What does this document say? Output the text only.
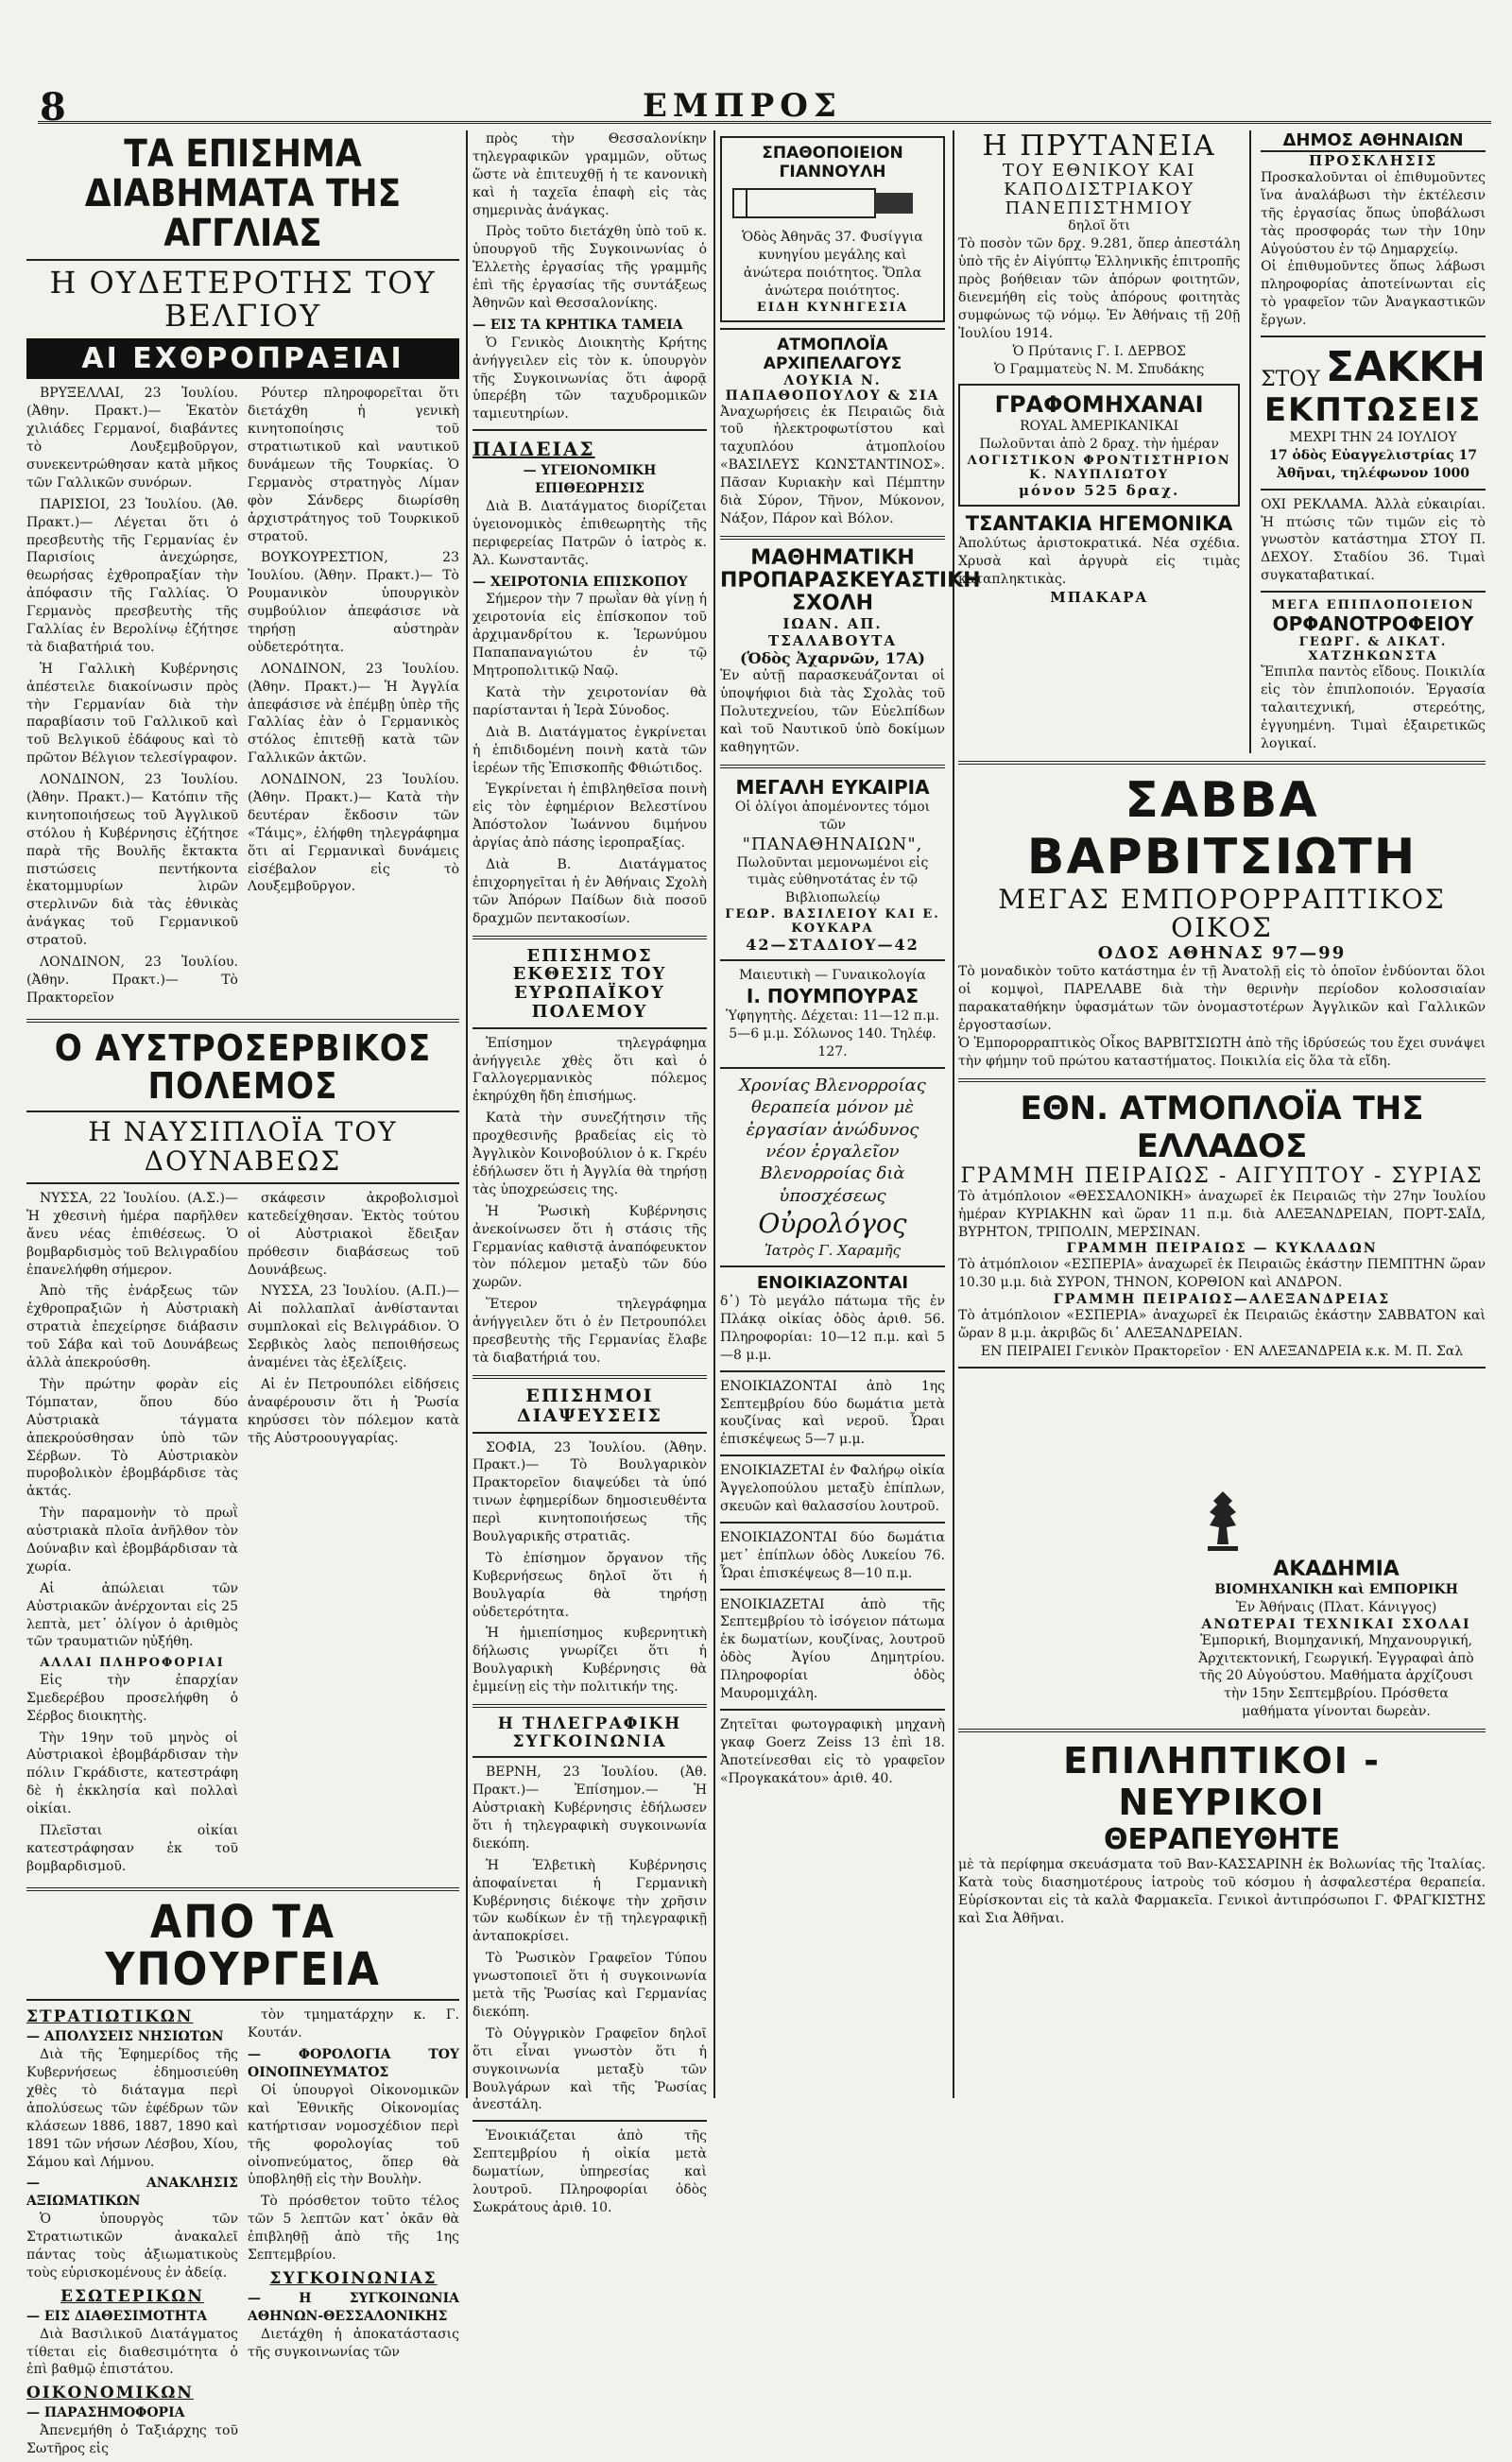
8	ΕΜΠΡΟΣ
ΤΑ ΕΠΙΣΗΜΑ ΔΙΑΒΗΜΑΤΑ ΤΗΣ ΑΓΓΛΙΑΣ
Η ΟΥΔΕΤΕΡΟΤΗΣ ΤΟΥ ΒΕΛΓΙΟΥ
ΑΙ ΕΧΘΡΟΠΡΑΞΙΑΙ

ΒΡΥΞΕΛΛΑΙ, 23 Ἰουλίου. (Ἀθην. Πρακτ.)— Ἐκατὸν χιλιάδες Γερμανοί, διαβάντες τὸ Λουξεμβοῦργον, συνεκεντρώθησαν κατὰ μῆκος τῶν Γαλλικῶν συνόρων.

ΠΑΡΙΣΙΟΙ, 23 Ἰουλίου. (Ἀθ. Πρακτ.)— Λέγεται ὅτι ὁ πρεσβευτὴς τῆς Γερμανίας ἐν Παρισίοις ἀνεχώρησε, θεωρήσας ἐχθροπραξίαν τὴν ἀπόφασιν τῆς Γαλλίας. Ὁ Γερμανὸς πρεσβευτὴς τῆς Γαλλίας ἐν Βερολίνῳ ἐζήτησε τὰ διαβατήριά του.

Ἡ Γαλλικὴ Κυβέρνησις ἀπέστειλε διακοίνωσιν πρὸς τὴν Γερμανίαν διὰ τὴν παραβίασιν τοῦ Γαλλικοῦ καὶ τοῦ Βελγικοῦ ἐδάφους καὶ τὸ πρῶτον Βέλγιον τελεσίγραφον.

ΛΟΝΔΙΝΟΝ, 23 Ἰουλίου. (Ἀθην. Πρακτ.)— Κατόπιν τῆς κινητοποιήσεως τοῦ Ἀγγλικοῦ στόλου ἡ Κυβέρνησις ἐζήτησε παρὰ τῆς Βουλῆς ἔκτακτα πιστώσεις πεντήκοντα ἑκατομμυρίων λιρῶν στερλινῶν διὰ τὰς ἐθνικὰς ἀνάγκας τοῦ Γερμανικοῦ στρατοῦ.

ΛΟΝΔΙΝΟΝ, 23 Ἰουλίου. (Ἀθην. Πρακτ.)— Τὸ Πρακτορεῖον

Ρόυτερ πληροφορεῖται ὅτι διετάχθη ἡ γενικὴ κινητοποίησις τοῦ στρατιωτικοῦ καὶ ναυτικοῦ δυνάμεων τῆς Τουρκίας. Ὁ Γερμανὸς στρατηγὸς Λίμαν φὸν Σάνδερς διωρίσθη ἀρχιστράτηγος τοῦ Τουρκικοῦ στρατοῦ.

ΒΟΥΚΟΥΡΕΣΤΙΟΝ, 23 Ἰουλίου. (Ἀθην. Πρακτ.)— Τὸ Ρουμανικὸν ὑπουργικὸν συμβούλιον ἀπεφάσισε νὰ τηρήσῃ αὐστηρὰν οὐδετερότητα.

ΛΟΝΔΙΝΟΝ, 23 Ἰουλίου. (Ἀθην. Πρακτ.)— Ἡ Ἀγγλία ἀπεφάσισε νὰ ἐπέμβῃ ὑπὲρ τῆς Γαλλίας ἐὰν ὁ Γερμανικὸς στόλος ἐπιτεθῇ κατὰ τῶν Γαλλικῶν ἀκτῶν.

ΛΟΝΔΙΝΟΝ, 23 Ἰουλίου. (Ἀθην. Πρακτ.)— Κατὰ τὴν δευτέραν ἔκδοσιν τῶν «Τάιμς», ἐλήφθη τηλεγράφημα ὅτι αἱ Γερμανικαὶ δυνάμεις εἰσέβαλον εἰς τὸ Λουξεμβοῦργον.

Ο ΑΥΣΤΡΟΣΕΡΒΙΚΟΣ ΠΟΛΕΜΟΣ
Η ΝΑΥΣΙΠΛΟΪΑ ΤΟΥ ΔΟΥΝΑΒΕΩΣ

ΝΥΣΣΑ, 22 Ἰουλίου. (Α.Σ.)— Ἡ χθεσινὴ ἡμέρα παρῆλθεν ἄνευ νέας ἐπιθέσεως. Ὁ βομβαρδισμὸς τοῦ Βελιγραδίου ἐπανελήφθη σήμερον.

Ἀπὸ τῆς ἐνάρξεως τῶν ἐχθροπραξιῶν ἡ Αὐστριακὴ στρατιὰ ἐπεχείρησε διάβασιν τοῦ Σάβα καὶ τοῦ Δουνάβεως ἀλλὰ ἀπεκρούσθη.

Τὴν πρώτην φορὰν εἰς Τόμπαταν, ὅπου δύο Αὐστριακὰ τάγματα ἀπεκρούσθησαν ὑπὸ τῶν Σέρβων. Τὸ Αὐστριακὸν πυροβολικὸν ἐβομβάρδισε τὰς ἀκτάς.

Τὴν παραμονὴν τὸ πρωῒ αὐστριακὰ πλοῖα ἀνῆλθον τὸν Δούναβιν καὶ ἐβομβάρδισαν τὰ χωρία.

Αἱ ἀπώλειαι τῶν Αὐστριακῶν ἀνέρχονται εἰς 25 λεπτὰ, μετ᾽ ὀλίγον ὁ ἀριθμὸς τῶν τραυματιῶν ηὐξήθη.

ΑΛΛΑΙ ΠΛΗΡΟΦΟΡΙΑΙ

Εἰς τὴν ἐπαρχίαν Σμεδερέβου προσελήφθη ὁ Σέρβος διοικητὴς.

Τὴν 19ην τοῦ μηνὸς οἱ Αὐστριακοὶ ἐβομβάρδισαν τὴν πόλιν Γκράδιστε, κατεστράφη δὲ ἡ ἐκκλησία καὶ πολλαὶ οἰκίαι.

Πλεῖσται οἰκίαι κατεστράφησαν ἐκ τοῦ βομβαρδισμοῦ.

σκάφεσιν ἀκροβολισμοὶ κατεδείχθησαν. Ἐκτὸς τούτου οἱ Αὐστριακοὶ ἔδειξαν πρόθεσιν διαβάσεως τοῦ Δουνάβεως.

ΝΥΣΣΑ, 23 Ἰουλίου. (Α.Π.)— Αἱ πολλαπλαῖ ἀνθίστανται συμπλοκαὶ εἰς Βελιγράδιον. Ὁ Σερβικὸς λαὸς πεποιθήσεως ἀναμένει τὰς ἐξελίξεις.

Αἱ ἐν Πετρουπόλει εἰδήσεις ἀναφέρουσιν ὅτι ἡ Ῥωσία κηρύσσει τὸν πόλεμον κατὰ τῆς Αὐστροουγγαρίας.

ΑΠΟ ΤΑ ΥΠΟΥΡΓΕΙΑ
ΣΤΡΑΤΙΩΤΙΚΩΝ
— ΑΠΟΛΥΣΕΙΣ ΝΗΣΙΩΤΩΝ

Διὰ τῆς Ἐφημερίδος τῆς Κυβερνήσεως ἐδημοσιεύθη χθὲς τὸ διάταγμα περὶ ἀπολύσεως τῶν ἐφέδρων τῶν κλάσεων 1886, 1887, 1890 καὶ 1891 τῶν νήσων Λέσβου, Χίου, Σάμου καὶ Λήμνου.

— ΑΝΑΚΛΗΣΙΣ ΑΞΙΩΜΑΤΙΚΩΝ

Ὁ ὑπουργὸς τῶν Στρατιωτικῶν ἀνακαλεῖ πάντας τοὺς ἀξιωματικοὺς τοὺς εὑρισκομένους ἐν ἀδείᾳ.

ΕΣΩΤΕΡΙΚΩΝ
— ΕΙΣ ΔΙΑΘΕΣΙΜΟΤΗΤΑ

Διὰ Βασιλικοῦ Διατάγματος τίθεται εἰς διαθεσιμότητα ὁ ἐπὶ βαθμῷ ἐπιστάτου.

ΟΙΚΟΝΟΜΙΚΩΝ
— ΠΑΡΑΣΗΜΟΦΟΡΙΑ

Ἀπενεμήθη ὁ Ταξιάρχης τοῦ Σωτῆρος εἰς

τὸν τμηματάρχην κ. Γ. Κουτάν.

— ΦΟΡΟΛΟΓΙΑ ΤΟΥ ΟΙΝΟΠΝΕΥΜΑΤΟΣ

Οἱ ὑπουργοὶ Οἰκονομικῶν καὶ Ἐθνικῆς Οἰκονομίας κατήρτισαν νομοσχέδιον περὶ τῆς φορολογίας τοῦ οἰνοπνεύματος, ὅπερ θὰ ὑποβληθῇ εἰς τὴν Βουλὴν.

Τὸ πρόσθετον τοῦτο τέλος τῶν 5 λεπτῶν κατ᾽ ὀκᾶν θὰ ἐπιβληθῇ ἀπὸ τῆς 1ης Σεπτεμβρίου.

ΣΥΓΚΟΙΝΩΝΙΑΣ
— Η ΣΥΓΚΟΙΝΩΝΙΑ ΑΘΗΝΩΝ-ΘΕΣΣΑΛΟΝΙΚΗΣ

Διετάχθη ἡ ἀποκατάστασις τῆς συγκοινωνίας τῶν

πρὸς τὴν Θεσσαλονίκην τηλεγραφικῶν γραμμῶν, οὕτως ὥστε νὰ ἐπιτευχθῇ ἡ τε κανονικὴ καὶ ἡ ταχεῖα ἐπαφὴ εἰς τὰς σημερινὰς ἀνάγκας.

Πρὸς τοῦτο διετάχθη ὑπὸ τοῦ κ. ὑπουργοῦ τῆς Συγκοινωνίας ὁ Ἐλλετὴς ἐργασίας τῆς γραμμῆς ἐπὶ τῆς ἐργασίας τῆς συντάξεως Ἀθηνῶν καὶ Θεσσαλονίκης.

— ΕΙΣ ΤΑ ΚΡΗΤΙΚΑ ΤΑΜΕΙΑ

Ὁ Γενικὸς Διοικητὴς Κρήτης ἀνήγγειλεν εἰς τὸν κ. ὑπουργὸν τῆς Συγκοινωνίας ὅτι ἀφορᾷ ὑπερέβη τῶν ταχυδρομικῶν ταμιευτηρίων.

ΠΑΙΔΕΙΑΣ
— ΥΓΕΙΟΝΟΜΙΚΗ ΕΠΙΘΕΩΡΗΣΙΣ

Διὰ Β. Διατάγματος διορίζεται ὑγειονομικὸς ἐπιθεωρητὴς τῆς περιφερείας Πατρῶν ὁ ἰατρὸς κ. Ἀλ. Κωνσταντᾶς.

— ΧΕΙΡΟΤΟΝΙΑ ΕΠΙΣΚΟΠΟΥ

Σήμερον τὴν 7 πρωῒαν θὰ γίνῃ ἡ χειροτονία εἰς ἐπίσκοπον τοῦ ἀρχιμανδρίτου κ. Ἱερωνύμου Παπαπαναγιώτου ἐν τῷ Μητροπολιτικῷ Ναῷ.

Κατὰ τὴν χειροτονίαν θὰ παρίστανται ἡ Ἱερὰ Σύνοδος.

Διὰ Β. Διατάγματος ἐγκρίνεται ἡ ἐπιδιδομένη ποινὴ κατὰ τῶν ἱερέων τῆς Ἐπισκοπῆς Φθιώτιδος.

Ἐγκρίνεται ἡ ἐπιβληθεῖσα ποινὴ εἰς τὸν ἐφημέριον Βελεστίνου Ἀπόστολον Ἰωάννου διμήνου ἀργίας ἀπὸ πάσης ἱεροπραξίας.

Διὰ Β. Διατάγματος ἐπιχορηγεῖται ἡ ἐν Ἀθήναις Σχολὴ τῶν Ἀπόρων Παίδων διὰ ποσοῦ δραχμῶν πεντακοσίων.

ΕΠΙΣΗΜΟΣ ΕΚΘΕΣΙΣ ΤΟΥ ΕΥΡΩΠΑΪΚΟΥ ΠΟΛΕΜΟΥ

Ἐπίσημον τηλεγράφημα ἀνήγγειλε χθὲς ὅτι καὶ ὁ Γαλλογερμανικὸς πόλεμος ἐκηρύχθη ἤδη ἐπισήμως.

Κατὰ τὴν συνεζήτησιν τῆς προχθεσινῆς βραδείας εἰς τὸ Ἀγγλικὸν Κοινοβούλιον ὁ κ. Γκρέυ ἐδήλωσεν ὅτι ἡ Ἀγγλία θὰ τηρήσῃ τὰς ὑποχρεώσεις της.

Ἡ Ῥωσικὴ Κυβέρνησις ἀνεκοίνωσεν ὅτι ἡ στάσις τῆς Γερμανίας καθιστᾷ ἀναπόφευκτον τὸν πόλεμον μεταξὺ τῶν δύο χωρῶν.

Ἕτερον τηλεγράφημα ἀνήγγειλεν ὅτι ὁ ἐν Πετρουπόλει πρεσβευτὴς τῆς Γερμανίας ἔλαβε τὰ διαβατήριά του.

ΕΠΙΣΗΜΟΙ ΔΙΑΨΕΥΣΕΙΣ

ΣΟΦΙΑ, 23 Ἰουλίου. (Ἀθην. Πρακτ.)— Τὸ Βουλγαρικὸν Πρακτορεῖον διαψεύδει τὰ ὑπό τινων ἐφημερίδων δημοσιευθέντα περὶ κινητοποιήσεως τῆς Βουλγαρικῆς στρατιᾶς.

Τὸ ἐπίσημον ὄργανον τῆς Κυβερνήσεως δηλοῖ ὅτι ἡ Βουλγαρία θὰ τηρήσῃ οὐδετερότητα.

Ἡ ἡμιεπίσημος κυβερνητικὴ δήλωσις γνωρίζει ὅτι ἡ Βουλγαρικὴ Κυβέρνησις θὰ ἐμμείνῃ εἰς τὴν πολιτικήν της.

Η ΤΗΛΕΓΡΑΦΙΚΗ ΣΥΓΚΟΙΝΩΝΙΑ

ΒΕΡΝΗ, 23 Ἰουλίου. (Ἀθ. Πρακτ.)— Ἐπίσημον.— Ἡ Αὐστριακὴ Κυβέρνησις ἐδήλωσεν ὅτι ἡ τηλεγραφικὴ συγκοινωνία διεκόπη.

Ἡ Ἑλβετικὴ Κυβέρνησις ἀποφαίνεται ἡ Γερμανικὴ Κυβέρνησις διέκοψε τὴν χρῆσιν τῶν κωδίκων ἐν τῇ τηλεγραφικῇ ἀνταποκρίσει.

Τὸ Ῥωσικὸν Γραφεῖον Τύπου γνωστοποιεῖ ὅτι ἡ συγκοινωνία μετὰ τῆς Ῥωσίας καὶ Γερμανίας διεκόπη.

Τὸ Οὐγγρικὸν Γραφεῖον δηλοῖ ὅτι εἶναι γνωστὸν ὅτι ἡ συγκοινωνία μεταξὺ τῶν Βουλγάρων καὶ τῆς Ῥωσίας ἀνεστάλη.

Ἐνοικιάζεται ἀπὸ τῆς Σεπτεμβρίου ἡ οἰκία μετὰ δωματίων, ὑπηρεσίας καὶ λουτροῦ. Πληροφορίαι ὁδὸς Σωκράτους ἀριθ. 10.

ΣΠΑΘΟΠΟΙΕΙΟΝ ΓΙΑΝΝΟΥΛΗ
Ὁδὸς Ἀθηνᾶς 37. Φυσίγγια κυνηγίου μεγάλης καὶ ἀνώτερα ποιότητος. Ὅπλα ἀνώτερα ποιότητος.
ΕΙΔΗ ΚΥΝΗΓΕΣΙΑ
ΑΤΜΟΠΛΟΪΑ ΑΡΧΙΠΕΛΑΓΟΥΣ
ΛΟΥΚΙΑ Ν. ΠΑΠΑΘΟΠΟΥΛΟΥ & ΣΙΑ
Ἀναχωρήσεις ἐκ Πειραιῶς διὰ τοῦ ἠλεκτροφωτίστου καὶ ταχυπλόου ἀτμοπλοίου «ΒΑΣΙΛΕΥΣ ΚΩΝΣΤΑΝΤΙΝΟΣ». Πᾶσαν Κυριακὴν καὶ Πέμπτην διὰ Σύρον, Τῆνον, Μύκονον, Νάξον, Πάρον καὶ Βόλον.
ΜΑΘΗΜΑΤΙΚΗ ΠΡΟΠΑΡΑΣΚΕΥΑΣΤΙΚΗ ΣΧΟΛΗ
ΙΩΑΝ. ΑΠ. ΤΣΑΛΑΒΟΥΤΑ
(Ὁδὸς Ἀχαρνῶν, 17Α)
Ἐν αὐτῇ παρασκευάζονται οἱ ὑποψήφιοι διὰ τὰς Σχολὰς τοῦ Πολυτεχνείου, τῶν Εὐελπίδων καὶ τοῦ Ναυτικοῦ ὑπὸ δοκίμων καθηγητῶν.
ΜΕΓΑΛΗ ΕΥΚΑΙΡΙΑ
Οἱ ὀλίγοι ἀπομένοντες τόμοι τῶν
"ΠΑΝΑΘΗΝΑΙΩΝ",
Πωλοῦνται μεμονωμένοι εἰς τιμὰς εὐθηνοτάτας ἐν τῷ Βιβλιοπωλείῳ
ΓΕΩΡ. ΒΑΣΙΛΕΙΟΥ ΚΑΙ Ε. ΚΟΥΚΑΡΑ
42—ΣΤΑΔΙΟΥ—42
Μαιευτικὴ — Γυναικολογία
Ι. ΠΟΥΜΠΟΥΡΑΣ
Ὑφηγητὴς. Δέχεται: 11—12 π.μ. 5—6 μ.μ. Σόλωνος 140. Τηλέφ. 127.
Χρονίας Βλενορροίας
θεραπεία μόνον μὲ ἐργασίαν ἀνώδυνος
νέον ἐργαλεῖον Βλενορροίας διὰ ὑποσχέσεως
Οὐρολόγος
Ἰατρὸς Γ. Χαραμῆς
ΕΝΟΙΚΙΑΖΟΝΤΑΙ
δ᾽) Τὸ μεγάλο πάτωμα τῆς ἐν Πλάκᾳ οἰκίας ὁδὸς ἀριθ. 56. Πληροφορίαι: 10—12 π.μ. καὶ 5—8 μ.μ.
ΕΝΟΙΚΙΑΖΟΝΤΑΙ ἀπὸ 1ης Σεπτεμβρίου δύο δωμάτια μετὰ κουζίνας καὶ νεροῦ. Ὧραι ἐπισκέψεως 5—7 μ.μ.
ΕΝΟΙΚΙΑΖΕΤΑΙ ἐν Φαλήρῳ οἰκία Ἀγγελοπούλου μεταξὺ ἐπίπλων, σκευῶν καὶ θαλασσίου λουτροῦ.
ΕΝΟΙΚΙΑΖΟΝΤΑΙ δύο δωμάτια μετ᾽ ἐπίπλων ὁδὸς Λυκείου 76. Ὧραι ἐπισκέψεως 8—10 π.μ.
ΕΝΟΙΚΙΑΖΕΤΑΙ ἀπὸ τῆς Σεπτεμβρίου τὸ ἰσόγειον πάτωμα ἐκ δωματίων, κουζίνας, λουτροῦ ὁδὸς Ἀγίου Δημητρίου. Πληροφορίαι ὁδὸς Μαυρομιχάλη.
Ζητεῖται φωτογραφικὴ μηχανὴ γκαφ Goerz Zeiss 13 ἐπὶ 18. Ἀποτείνεσθαι εἰς τὸ γραφεῖον «Προγκακάτου» ἀριθ. 40.
Η ΠΡΥΤΑΝΕΙΑ
ΤΟΥ ΕΘΝΙΚΟΥ ΚΑΙ ΚΑΠΟΔΙΣΤΡΙΑΚΟΥ ΠΑΝΕΠΙΣΤΗΜΙΟΥ
δηλοῖ ὅτι
Τὸ ποσὸν τῶν δρχ. 9.281, ὅπερ ἀπεστάλη ὑπὸ τῆς ἐν Αἰγύπτῳ Ἑλληνικῆς ἐπιτροπῆς πρὸς βοήθειαν τῶν ἀπόρων φοιτητῶν, διενεμήθη εἰς τοὺς ἀπόρους φοιτητὰς συμφώνως τῷ νόμῳ. Ἐν Ἀθήναις τῇ 20ῇ Ἰουλίου 1914.
Ὁ Πρύτανις Γ. Ι. ΔΕΡΒΟΣ
Ὁ Γραμματεὺς Ν. Μ. Σπυδάκης
ΓΡΑΦΟΜΗΧΑΝΑΙ
ROYAL ἈΜΕΡΙΚΑΝΙΚΑΙ
Πωλοῦνται ἀπὸ 2 δραχ. τὴν ἡμέραν
ΛΟΓΙΣΤΙΚΟΝ ΦΡΟΝΤΙΣΤΗΡΙΟΝ Κ. ΝΑΥΠΛΙΩΤΟΥ
μόνον 525 δραχ.
ΤΣΑΝΤΑΚΙΑ ΗΓΕΜΟΝΙΚΑ
Ἀπολύτως ἀριστοκρατικά. Νέα σχέδια. Χρυσὰ καὶ ἀργυρὰ εἰς τιμὰς καταπληκτικὰς.
ΜΠΑΚΑΡΑ
ΔΗΜΟΣ ΑΘΗΝΑΙΩΝ
ΠΡΟΣΚΛΗΣΙΣ
Προσκαλοῦνται οἱ ἐπιθυμοῦντες ἵνα ἀναλάβωσι τὴν ἐκτέλεσιν τῆς ἐργασίας ὅπως ὑποβάλωσι τὰς προσφοράς των τὴν 10ην Αὐγούστου ἐν τῷ Δημαρχείῳ.
Οἱ ἐπιθυμοῦντες ὅπως λάβωσι πληροφορίας ἀποτείνωνται εἰς τὸ γραφεῖον τῶν Ἀναγκαστικῶν ἔργων.
ΣΤΟΥ ΣΑΚΚΗ
ΕΚΠΤΩΣΕΙΣ
ΜΕΧΡΙ ΤΗΝ 24 ΙΟΥΛΙΟΥ
17 ὁδὸς Εὐαγγελιστρίας 17 Ἀθῆναι, τηλέφωνον 1000
ΟΧΙ ΡΕΚΛΑΜΑ. Ἀλλὰ εὐκαιρίαι. Ἡ πτώσις τῶν τιμῶν εἰς τὸ γνωστὸν κατάστημα ΣΤΟΥ Π. ΔΕΧΟΥ. Σταδίου 36. Τιμαὶ συγκαταβατικαί.
ΜΕΓΑ ΕΠΙΠΛΟΠΟΙΕΙΟΝ
ΟΡΦΑΝΟΤΡΟΦΕΙΟΥ
ΓΕΩΡΓ. & ΑΙΚΑΤ. ΧΑΤΖΗΚΩΝΣΤΑ
Ἔπιπλα παντὸς εἴδους. Ποικιλία εἰς τὸν ἐπιπλοποιόν. Ἐργασία ταλαιτεχνική, στερεότης, ἐγγυημένη. Τιμαὶ ἐξαιρετικῶς λογικαί.
ΣΑΒΒΑ ΒΑΡΒΙΤΣΙΩΤΗ
ΜΕΓΑΣ ΕΜΠΟΡΟΡΡΑΠΤΙΚΟΣ ΟΙΚΟΣ
ΟΔΟΣ ΑΘΗΝΑΣ 97—99
Τὸ μοναδικὸν τοῦτο κατάστημα ἐν τῇ Ἀνατολῇ εἰς τὸ ὁποῖον ἐνδύονται ὅλοι οἱ κομψοὶ, ΠΑΡΕΛΑΒΕ διὰ τὴν θερινὴν περίοδον κολοσσιαίαν παρακαταθήκην ὑφασμάτων τῶν ὀνομαστοτέρων Ἀγγλικῶν καὶ Γαλλικῶν ἐργοστασίων.
Ὁ Ἐμπορορραπτικὸς Οἶκος ΒΑΡΒΙΤΣΙΩΤΗ ἀπὸ τῆς ἱδρύσεώς του ἔχει συνάψει τὴν φήμην τοῦ πρώτου καταστήματος. Ποικιλία εἰς ὅλα τὰ εἴδη.
ΕΘΝ. ΑΤΜΟΠΛΟΪΑ ΤΗΣ ΕΛΛΑΔΟΣ
ΓΡΑΜΜΗ ΠΕΙΡΑΙΩΣ - ΑΙΓΥΠΤΟΥ - ΣΥΡΙΑΣ
Τὸ ἀτμόπλοιον «ΘΕΣΣΑΛΟΝΙΚΗ» ἀναχωρεῖ ἐκ Πειραιῶς τὴν 27ην Ἰουλίου ἡμέραν ΚΥΡΙΑΚΗΝ καὶ ὥραν 11 π.μ. διὰ ΑΛΕΞΑΝΔΡΕΙΑΝ, ΠΟΡΤ-ΣΑΪΔ, ΒΥΡΗΤΟΝ, ΤΡΙΠΟΛΙΝ, ΜΕΡΣΙΝΑΝ.
ΓΡΑΜΜΗ ΠΕΙΡΑΙΩΣ — ΚΥΚΛΑΔΩΝ
Τὸ ἀτμόπλοιον «ΕΣΠΕΡΙΑ» ἀναχωρεῖ ἐκ Πειραιῶς ἑκάστην ΠΕΜΠΤΗΝ ὥραν 10.30 μ.μ. διὰ ΣΥΡΟΝ, ΤΗΝΟΝ, ΚΟΡΘΙΟΝ καὶ ΑΝΔΡΟΝ.
ΓΡΑΜΜΗ ΠΕΙΡΑΙΩΣ—ΑΛΕΞΑΝΔΡΕΙΑΣ
Τὸ ἀτμόπλοιον «ΕΣΠΕΡΙΑ» ἀναχωρεῖ ἐκ Πειραιῶς ἑκάστην ΣΑΒΒΑΤΟΝ καὶ ὥραν 8 μ.μ. ἀκριβῶς δι᾽ ΑΛΕΞΑΝΔΡΕΙΑΝ.
ΕΝ ΠΕΙΡΑΙΕΙ Γενικὸν Πρακτορεῖον · ΕΝ ΑΛΕΞΑΝΔΡΕΙΑ κ.κ. Μ. Π. Σαλ
ΑΚΑΔΗΜΙΑ
ΒΙΟΜΗΧΑΝΙΚΗ καὶ ΕΜΠΟΡΙΚΗ
Ἐν Ἀθήναις (Πλατ. Κάνιγγος)
ΑΝΩΤΕΡΑΙ ΤΕΧΝΙΚΑΙ ΣΧΟΛΑΙ
Ἐμπορική, Βιομηχανική, Μηχανουργική, Ἀρχιτεκτονική, Γεωργική. Ἐγγραφαὶ ἀπὸ τῆς 20 Αὐγούστου. Μαθήματα ἀρχίζουσι τὴν 15ην Σεπτεμβρίου. Πρόσθετα μαθήματα γίνονται δωρεὰν.
ΕΠΙΛΗΠΤΙΚΟΙ - ΝΕΥΡΙΚΟΙ
ΘΕΡΑΠΕΥΘΗΤΕ
μὲ τὰ περίφημα σκευάσματα τοῦ Βαν-ΚΑΣΣΑΡΙΝΗ ἐκ Βολωνίας τῆς Ἰταλίας. Κατὰ τοὺς διασημοτέρους ἰατροὺς τοῦ κόσμου ἡ ἀσφαλεστέρα θεραπεία. Εὑρίσκονται εἰς τὰ καλὰ Φαρμακεῖα. Γενικοὶ ἀντιπρόσωποι Γ. ΦΡΑΓΚΙΣΤΗΣ καὶ Σια Ἀθῆναι.
